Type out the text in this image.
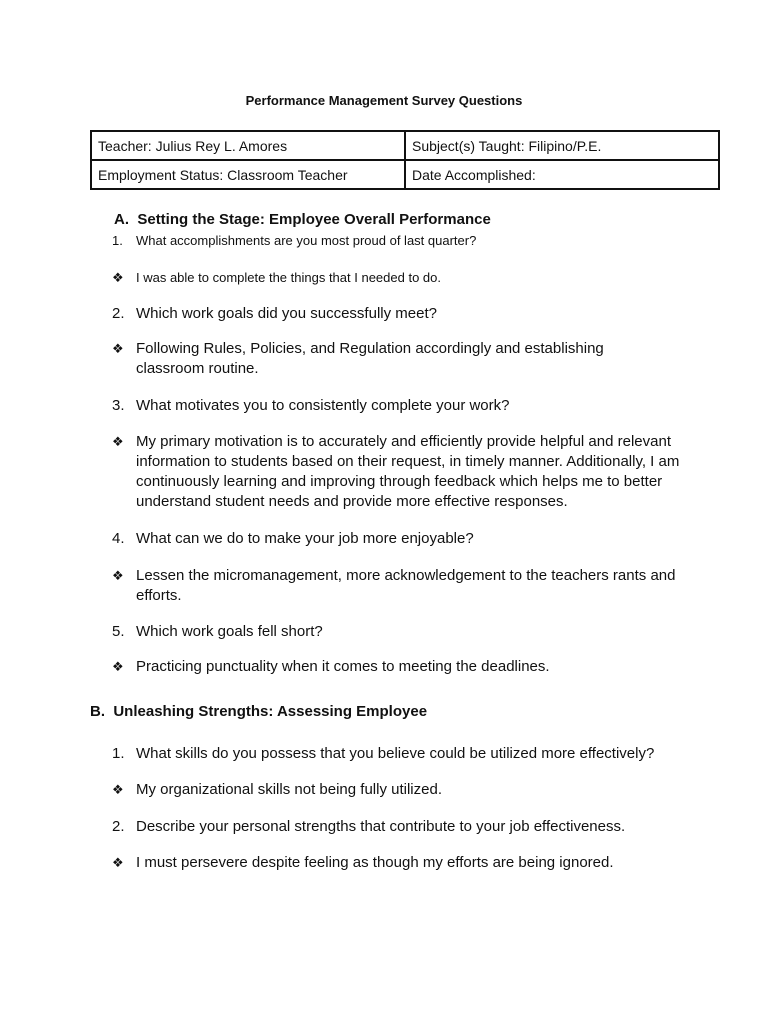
Performance Management Survey Questions
Teacher: Julius Rey L. Amores	Subject(s) Taught: Filipino/P.E.
Employment Status: Classroom Teacher	Date Accomplished:
A. Setting the Stage: Employee Overall Performance
1.	What accomplishments are you most proud of last quarter?
❖ I was able to complete the things that I needed to do.
2. Which work goals did you successfully meet?
❖ Following Rules, Policies, and Regulation accordingly and establishing classroom routine.
3. What motivates you to consistently complete your work?
❖ My primary motivation is to accurately and efficiently provide helpful and relevant information to students based on their request, in timely manner. Additionally, I am continuously learning and improving through feedback which helps me to better understand student needs and provide more effective responses.
4. What can we do to make your job more enjoyable?
❖ Lessen the micromanagement, more acknowledgement to the teachers rants and efforts.
5. Which work goals fell short?
❖ Practicing punctuality when it comes to meeting the deadlines.
B. Unleashing Strengths: Assessing Employee
1. What skills do you possess that you believe could be utilized more effectively?
❖ My organizational skills not being fully utilized.
2. Describe your personal strengths that contribute to your job effectiveness.
❖ I must persevere despite feeling as though my efforts are being ignored.
